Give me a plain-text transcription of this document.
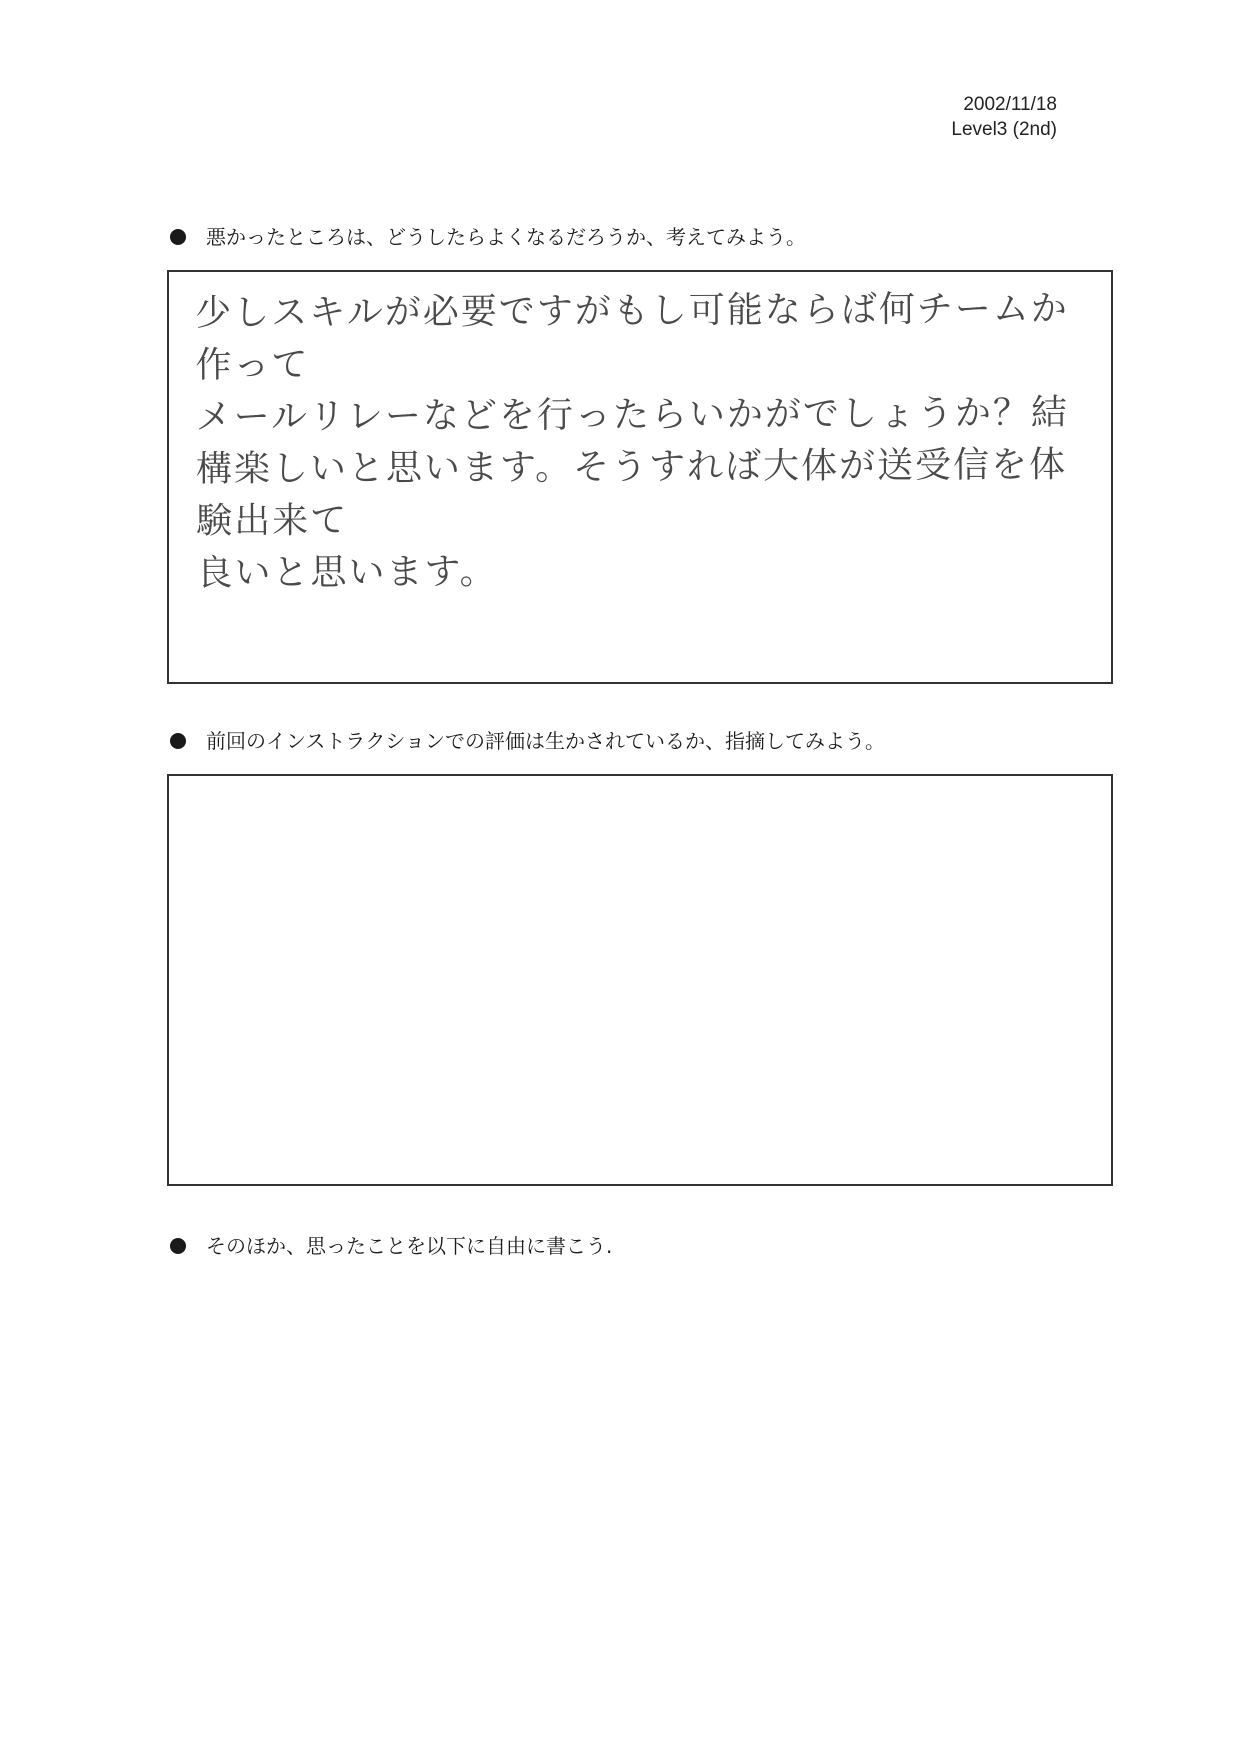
2002/11/18
Level3 (2nd)
悪かったところは、どうしたらよくなるだろうか、考えてみよう。
少しスキルが必要ですがもし可能ならば何チームか作って
メールリレーなどを行ったらいかがでしょうか？結構楽しいと思います。そうすれば大体が送受信を体験出来て
良いと思います。
前回のインストラクションでの評価は生かされているか、指摘してみよう。
そのほか、思ったことを以下に自由に書こう.
